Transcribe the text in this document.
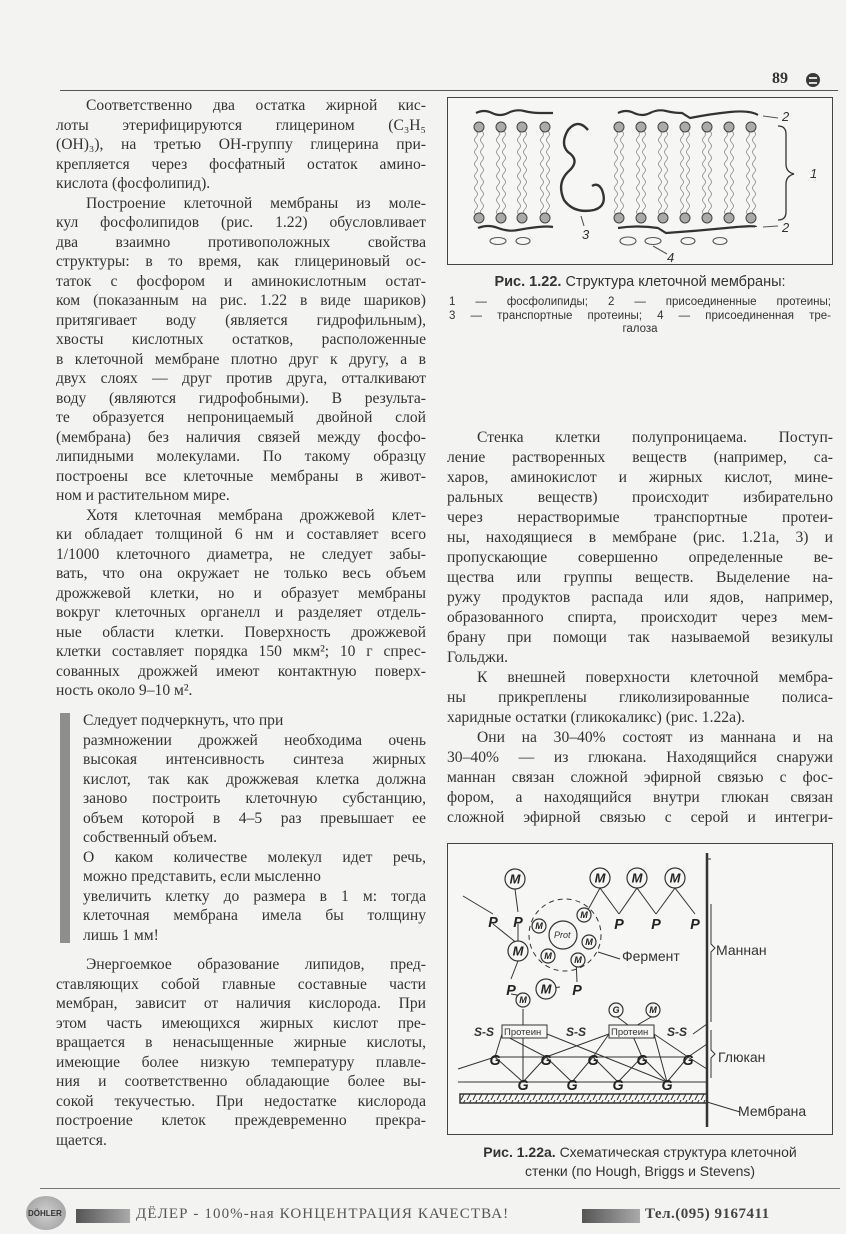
89
Соответственно два остатка жирной кис-
лоты этерифицируются глицерином (C₃H₅
(OH)₃), на третью ОН-группу глицерина при-
крепляется через фосфатный остаток амино-
кислота (фосфолипид).
Построение клеточной мембраны из моле-
кул фосфолипидов (рис. 1.22) обусловливает
два взаимно противоположных свойства
структуры: в то время, как глицериновый ос-
таток с фосфором и аминокислотным остат-
ком (показанным на рис. 1.22 в виде шариков)
притягивает воду (является гидрофильным),
хвосты кислотных остатков, расположенные
в клеточной мембране плотно друг к другу, а в
двух слоях — друг против друга, отталкивают
воду (являются гидрофобными). В результа-
те образуется непроницаемый двойной слой
(мембрана) без наличия связей между фосфо-
липидными молекулами. По такому образцу
построены все клеточные мембраны в живот-
ном и растительном мире.
Хотя клеточная мембрана дрожжевой клет-
ки обладает толщиной 6 нм и составляет всего
1/1000 клеточного диаметра, не следует забы-
вать, что она окружает не только весь объем
дрожжевой клетки, но и образует мембраны
вокруг клеточных органелл и разделяет отдель-
ные области клетки. Поверхность дрожжевой
клетки составляет порядка 150 мкм²; 10 г спрес-
сованных дрожжей имеют контактную поверх-
ность около 9–10 м².
Следует подчеркнуть, что при
размножении дрожжей необходима очень
высокая интенсивность синтеза жирных
кислот, так как дрожжевая клетка должна
заново построить клеточную субстанцию,
объем которой в 4–5 раз превышает ее
собственный объем.
О каком количестве молекул идет речь,
можно представить, если мысленно
увеличить клетку до размера в 1 м: тогда
клеточная мембрана имела бы толщину
лишь 1 мм!
Энергоемкое образование липидов, пред-
ставляющих собой главные составные части
мембран, зависит от наличия кислорода. При
этом часть имеющихся жирных кислот пре-
вращается в ненасыщенные жирные кислоты,
имеющие более низкую температуру плавле-
ния и соответственно обладающие более вы-
сокой текучестью. При недостатке кислорода
построение клеток преждевременно прекра-
щается.
2
2
1
3
4
Рис. 1.22. Структура клеточной мембраны:
1 — фосфолипиды; 2 — присоединенные протеины;
3 — транспортные протеины; 4 — присоединенная тре-
галоза
Стенка клетки полупроницаема. Поступ-
ление растворенных веществ (например, са-
харов, аминокислот и жирных кислот, мине-
ральных веществ) происходит избирательно
через нерастворимые транспортные протеи-
ны, находящиеся в мембране (рис. 1.21а, 3) и
пропускающие совершенно определенные ве-
щества или группы веществ. Выделение на-
ружу продуктов распада или ядов, например,
образованного спирта, происходит через мем-
брану при помощи так называемой везикулы
Гольджи.
К внешней поверхности клеточной мембра-
ны прикреплены гликолизированные полиса-
харидные остатки (гликокаликс) (рис. 1.22а).
Они на 30–40% состоят из маннана и на
30–40% — из глюкана. Находящийся снаружи
маннан связан сложной эфирной связью с фос-
фором, а находящийся внутри глюкан связан
сложной эфирной связью с серой и интегри-
M	M M M
M
M
M
M
M
M M
M
M
G
P P	P P P
P	P
G	G	G	G G
G	G G	G
Протеин	Протеин
S-S	S-S	S-S
Prot
Маннан
Фермент
Глюкан
Мембрана
Рис. 1.22а. Схематическая структура клеточной
стенки (по Hough, Briggs и Stevens)
DÖHLER	ДЁЛЕР - 100%-ная КОНЦЕНТРАЦИЯ КАЧЕСТВА!	Тел.(095) 9167411
